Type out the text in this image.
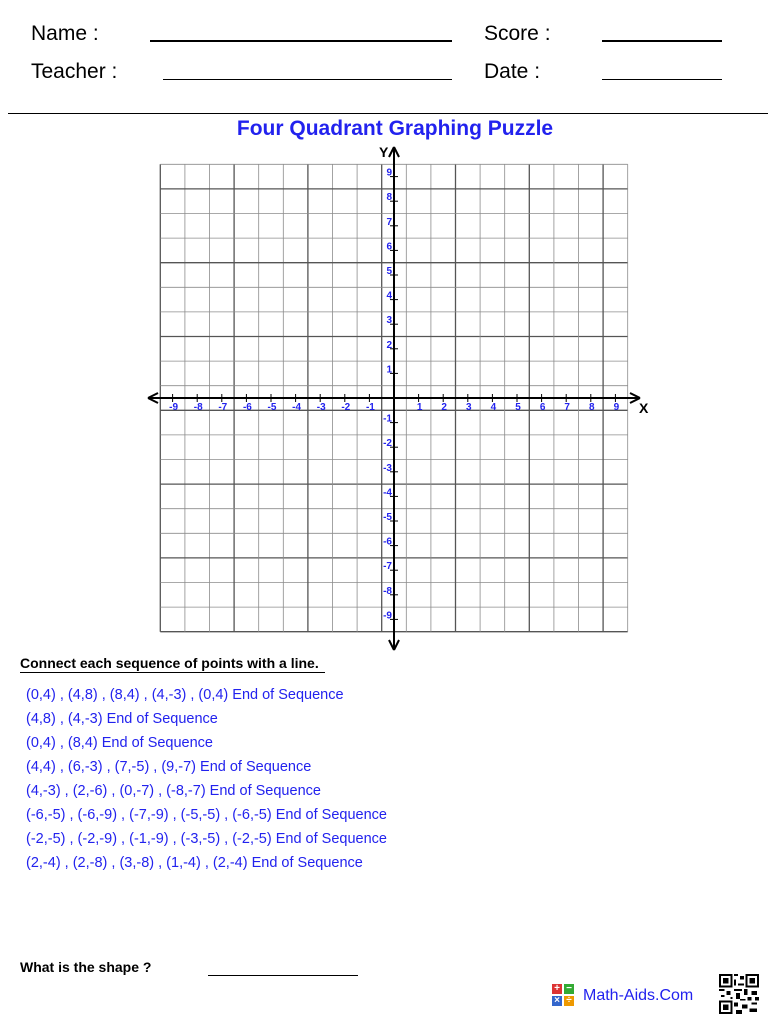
Name :
Teacher :
Score :
Date :
Four Quadrant Graphing Puzzle
-9 -8 -7 -6 -5 -4 -3 -2 -1	1 2 3 4 5 6 7 8 9
-9
-8
-7
-6
-5
-4
-3
-2
-1
1
2
3
4
5
6
7
8
9
X
Y
Connect each sequence of points with a line.
(0,4) , (4,8) , (8,4) , (4,-3) , (0,4) End of Sequence
(4,8) , (4,-3) End of Sequence
(0,4) , (8,4) End of Sequence
(4,4) , (6,-3) , (7,-5) , (9,-7) End of Sequence
(4,-3) , (2,-6) , (0,-7) , (-8,-7) End of Sequence
(-6,-5) , (-6,-9) , (-7,-9) , (-5,-5) , (-6,-5) End of Sequence
(-2,-5) , (-2,-9) , (-1,-9) , (-3,-5) , (-2,-5) End of Sequence
(2,-4) , (2,-8) , (3,-8) , (1,-4) , (2,-4) End of Sequence
What is the shape ?
+ −
× ÷ Math-Aids.Com
